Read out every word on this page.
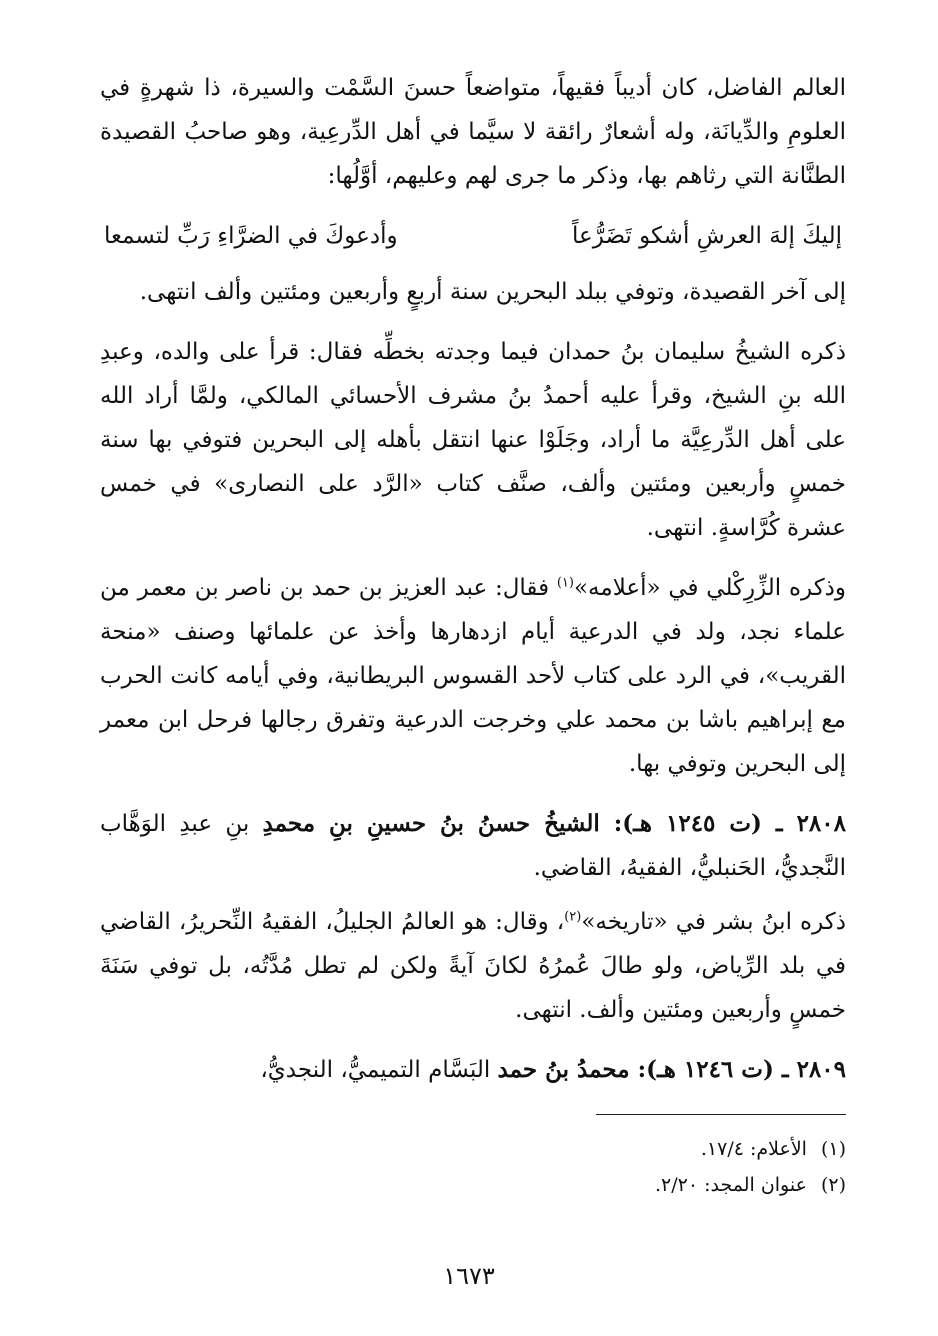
العالم الفاضل، كان أديباً فقيهاً، متواضعاً حسنَ السَّمْت والسيرة، ذا شهرةٍ في العلومِ والدِّيانَة، وله أشعارٌ رائقة لا سيَّما في أهل الدِّرعِية، وهو صاحبُ القصيدة الطنَّانة التي رثاهم بها، وذكر ما جرى لهم وعليهم، أوَّلُها:

إليكَ إلهَ العرشِ أشكو تَضَرُّعاً
وأدعوكَ في الضرَّاءِ رَبِّ لتسمعا

إلى آخر القصيدة، وتوفي ببلد البحرين سنة أربعٍ وأربعين ومئتين وألف انتهى.

ذكره الشيخُ سليمان بنُ حمدان فيما وجدته بخطِّه فقال: قرأ على والده، وعبدِ الله بنِ الشيخ، وقرأ عليه أحمدُ بنُ مشرف الأحسائي المالكي، ولمَّا أراد الله على أهل الدِّرعِيَّة ما أراد، وجَلَوْا عنها انتقل بأهله إلى البحرين فتوفي بها سنة خمسٍ وأربعين ومئتين وألف، صنَّف كتاب «الرَّد على النصارى» في خمس عشرة كُرَّاسةٍ. انتهى.

وذكره الزِّرِكْلي في «أعلامه»$^{(١)}$ فقال: عبد العزيز بن حمد بن ناصر بن معمر من علماء نجد، ولد في الدرعية أيام ازدهارها وأخذ عن علمائها وصنف «منحة القريب»، في الرد على كتاب لأحد القسوس البريطانية، وفي أيامه كانت الحرب مع إبراهيم باشا بن محمد علي وخرجت الدرعية وتفرق رجالها فرحل ابن معمر إلى البحرين وتوفي بها.

٢٨٠٨ ـ (ت ١٢٤٥ هـ): الشيخُ حسنُ بنُ حسينِ بنِ محمدِ بنِ عبدِ الوَهَّاب النَّجديُّ، الحَنبليُّ، الفقيهُ، القاضي.

ذكره ابنُ بشر في «تاريخه»$^{(٢)}$، وقال: هو العالمُ الجليلُ، الفقيهُ النِّحريرُ، القاضي في بلد الرِّياض، ولو طالَ عُمرُهُ لكانَ آيةً ولكن لم تطل مُدَّتُه، بل توفي سَنَةَ خمسٍ وأربعين ومئتين وألف. انتهى.

٢٨٠٩ ـ (ت ١٢٤٦ هـ): محمدُ بنُ حمد البَسَّام التميميُّ، النجديُّ،

(١)الأعلام: ١٧/٤.

(٢)عنوان المجد: ٢/٢٠.

١٦٧٣
